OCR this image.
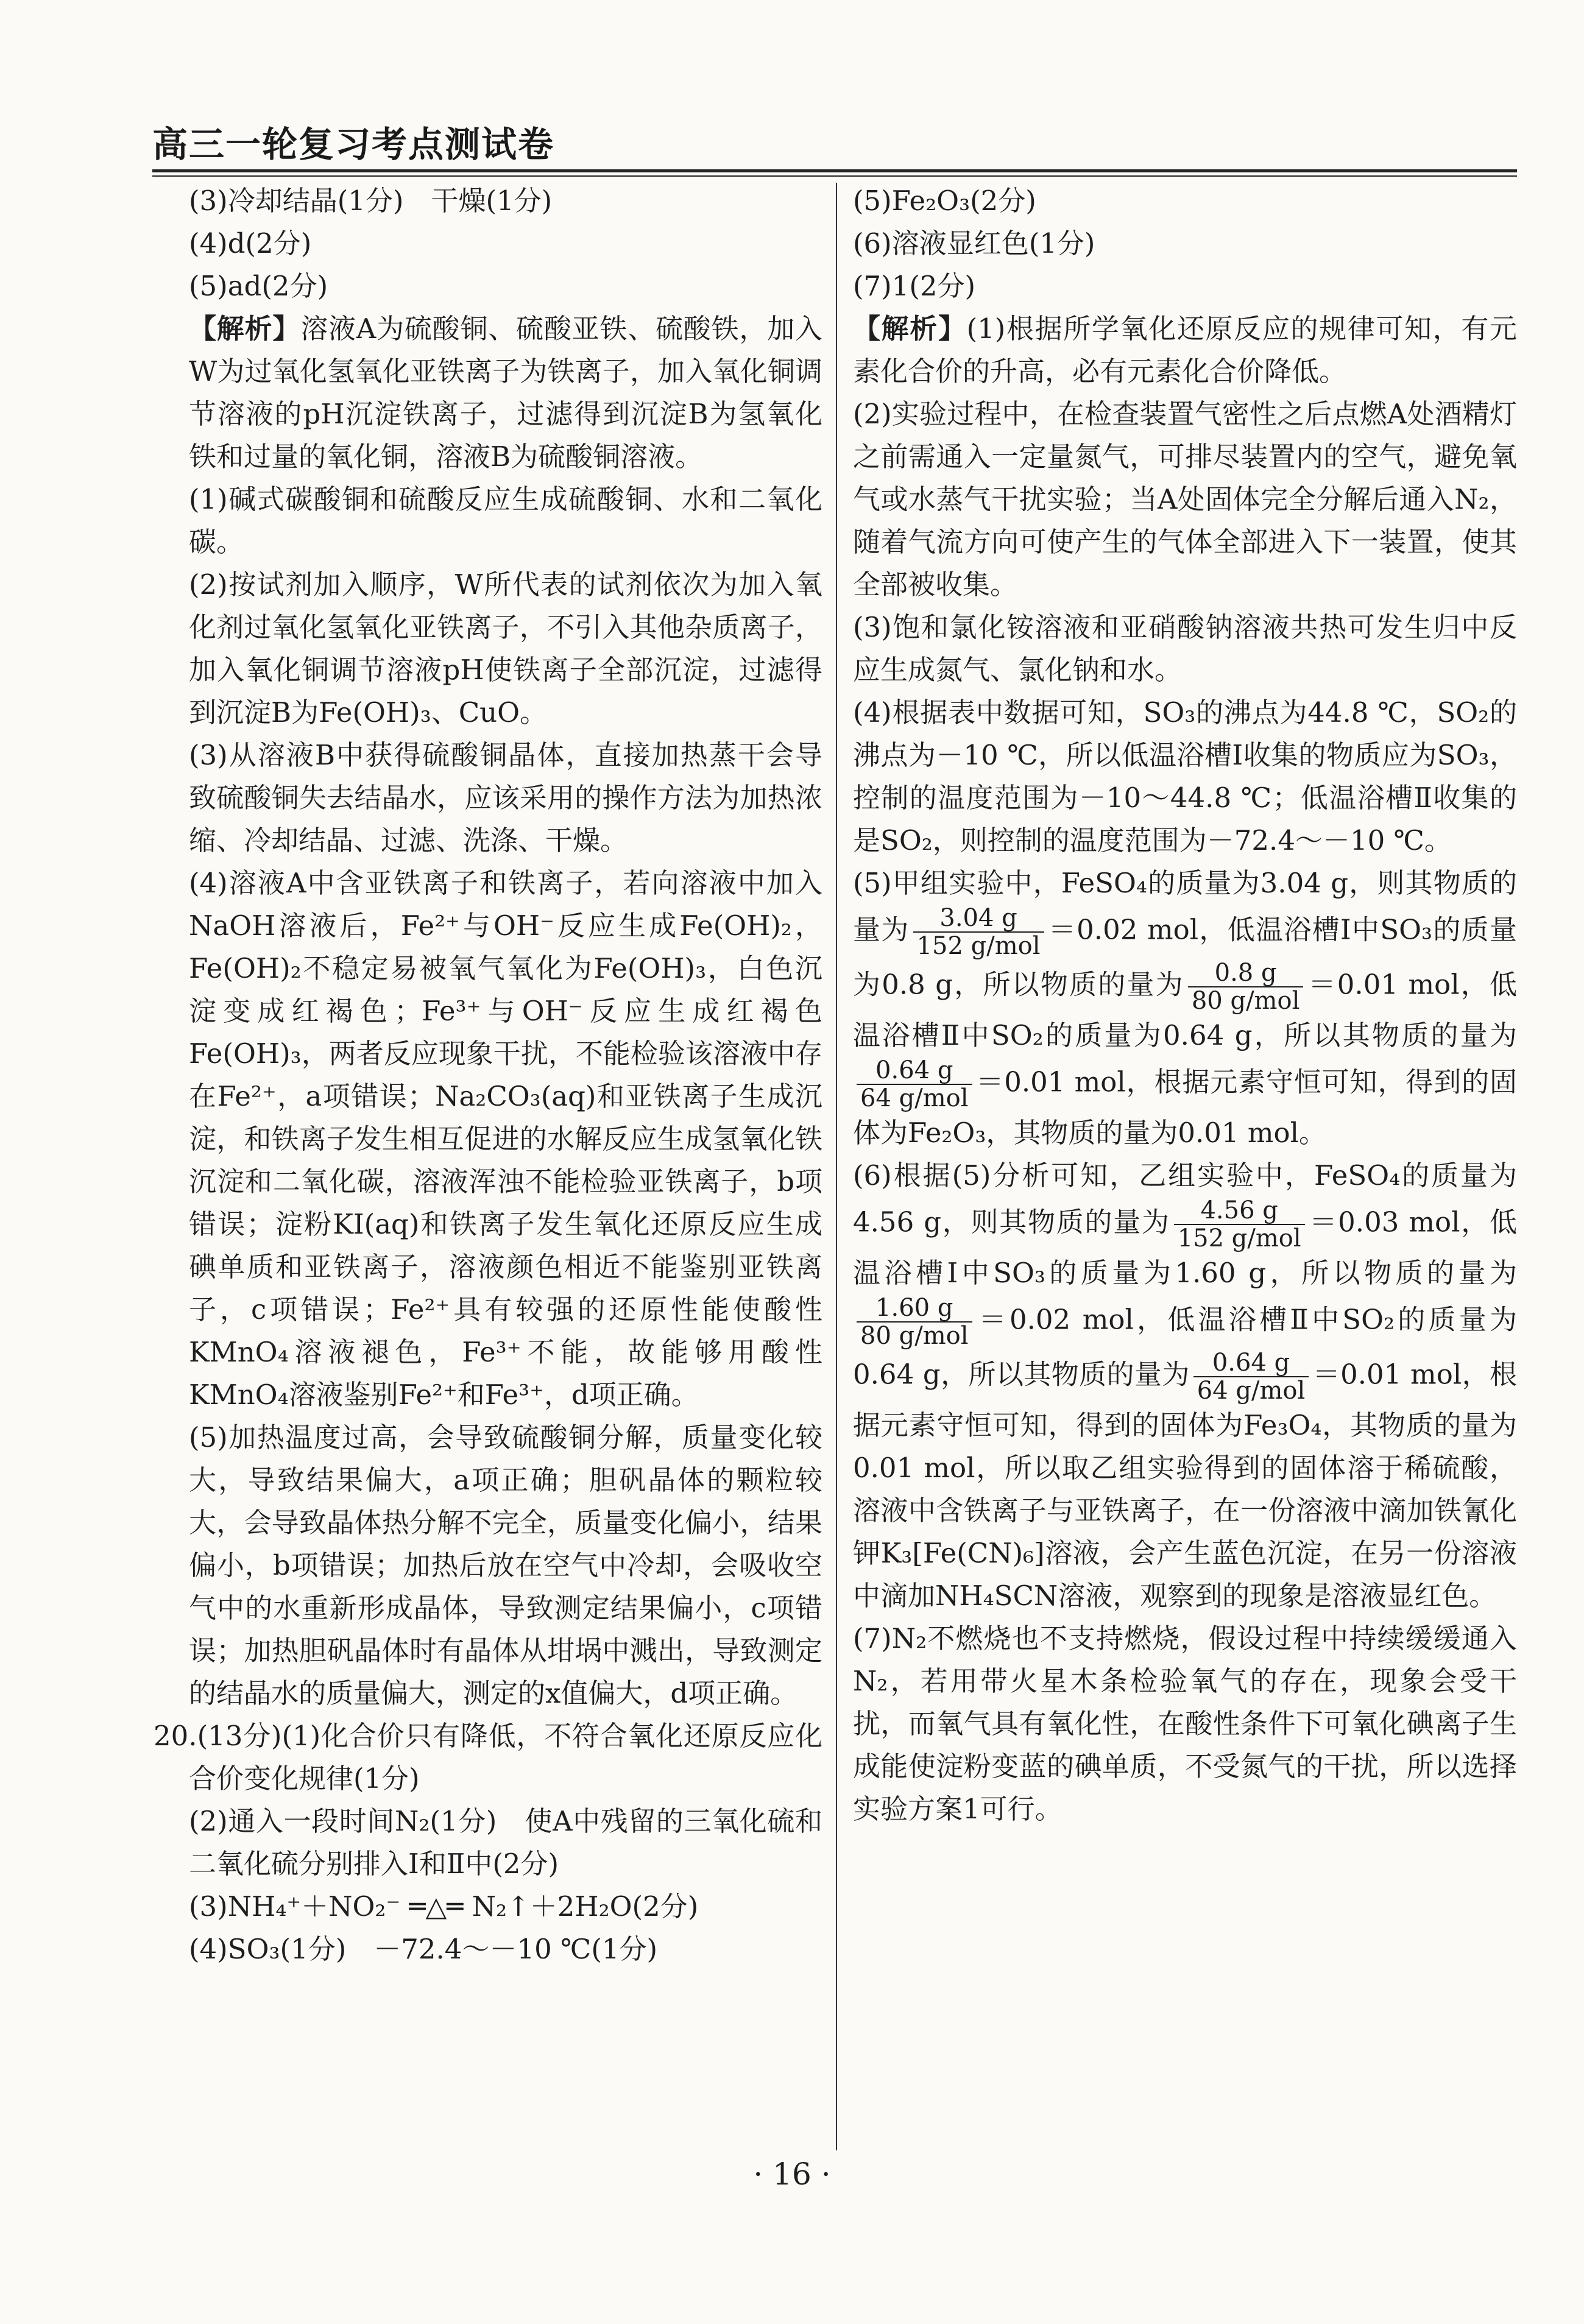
高三一轮复习考点测试卷

(3)冷却结晶(1分)　干燥(1分)

(4)d(2分)

(5)ad(2分)

【解析】溶液A为硫酸铜、硫酸亚铁、硫酸铁，加入W为过氧化氢氧化亚铁离子为铁离子，加入氧化铜调节溶液的pH沉淀铁离子，过滤得到沉淀B为氢氧化铁和过量的氧化铜，溶液B为硫酸铜溶液。

(1)碱式碳酸铜和硫酸反应生成硫酸铜、水和二氧化碳。

(2)按试剂加入顺序，W所代表的试剂依次为加入氧化剂过氧化氢氧化亚铁离子，不引入其他杂质离子，加入氧化铜调节溶液pH使铁离子全部沉淀，过滤得到沉淀B为Fe(OH)₃、CuO。

(3)从溶液B中获得硫酸铜晶体，直接加热蒸干会导致硫酸铜失去结晶水，应该采用的操作方法为加热浓缩、冷却结晶、过滤、洗涤、干燥。

(4)溶液A中含亚铁离子和铁离子，若向溶液中加入NaOH溶液后，Fe²⁺与OH⁻反应生成Fe(OH)₂，Fe(OH)₂不稳定易被氧气氧化为Fe(OH)₃，白色沉淀变成红褐色；Fe³⁺与OH⁻反应生成红褐色Fe(OH)₃，两者反应现象干扰，不能检验该溶液中存在Fe²⁺，a项错误；Na₂CO₃(aq)和亚铁离子生成沉淀，和铁离子发生相互促进的水解反应生成氢氧化铁沉淀和二氧化碳，溶液浑浊不能检验亚铁离子，b项错误；淀粉KI(aq)和铁离子发生氧化还原反应生成碘单质和亚铁离子，溶液颜色相近不能鉴别亚铁离子，c项错误；Fe²⁺具有较强的还原性能使酸性KMnO₄溶液褪色，Fe³⁺不能，故能够用酸性KMnO₄溶液鉴别Fe²⁺和Fe³⁺，d项正确。

(5)加热温度过高，会导致硫酸铜分解，质量变化较大，导致结果偏大，a项正确；胆矾晶体的颗粒较大，会导致晶体热分解不完全，质量变化偏小，结果偏小，b项错误；加热后放在空气中冷却，会吸收空气中的水重新形成晶体，导致测定结果偏小，c项错误；加热胆矾晶体时有晶体从坩埚中溅出，导致测定的结晶水的质量偏大，测定的x值偏大，d项正确。

20.(13分)(1)化合价只有降低，不符合氧化还原反应化合价变化规律(1分)

(2)通入一段时间N₂(1分)　使A中残留的三氧化硫和二氧化硫分别排入Ⅰ和Ⅱ中(2分)

(3)NH₄⁺＋NO₂⁻ ═△═ N₂↑＋2H₂O(2分)

(4)SO₃(1分)　－72.4～－10 ℃(1分)

(5)Fe₂O₃(2分)

(6)溶液显红色(1分)

(7)1(2分)

【解析】(1)根据所学氧化还原反应的规律可知，有元素化合价的升高，必有元素化合价降低。

(2)实验过程中，在检查装置气密性之后点燃A处酒精灯之前需通入一定量氮气，可排尽装置内的空气，避免氧气或水蒸气干扰实验；当A处固体完全分解后通入N₂，随着气流方向可使产生的气体全部进入下一装置，使其全部被收集。

(3)饱和氯化铵溶液和亚硝酸钠溶液共热可发生归中反应生成氮气、氯化钠和水。

(4)根据表中数据可知，SO₃的沸点为44.8 ℃，SO₂的沸点为－10 ℃，所以低温浴槽Ⅰ收集的物质应为SO₃，控制的温度范围为－10～44.8 ℃；低温浴槽Ⅱ收集的是SO₂，则控制的温度范围为－72.4～－10 ℃。

(5)甲组实验中，FeSO₄的质量为3.04 g，则其物质的量为 $\frac{3.04 g}{\text{152 g/mol}} =0.02$ mol，低温浴槽Ⅰ中SO₃的质量为0.8 g，所以物质的量为 $\frac{0.8 g}{\text{80 g/mol}} =0.01$ mol，低温浴槽Ⅱ中SO₂的质量为0.64 g，所以其物质的量为
$\frac{0.64 g}{\text{64 g/mol}} =0.01$ mol，根据元素守恒可知，得到的固体为Fe₂O₃，其物质的量为0.01 mol。

(6)根据(5)分析可知，乙组实验中，FeSO₄的质量为4.56 g，则其物质的量为 $\frac{4.56 g}{\text{152 g/mol}} =0.03$ mol，低温浴槽Ⅰ中SO₃的质量为1.60 g，所以物质的量为
$\frac{1.60 g}{\text{80 g/mol}} =0.02$ mol，低温浴槽Ⅱ中SO₂的质量为0.64 g，所以其物质的量为 $\frac{0.64 g}{\text{64 g/mol}} =0.01$ mol，根据元素守恒可知，得到的固体为Fe₃O₄，其物质的量为0.01 mol，所以取乙组实验得到的固体溶于稀硫酸，溶液中含铁离子与亚铁离子，在一份溶液中滴加铁氰化钾K₃[Fe(CN)₆]溶液，会产生蓝色沉淀，在另一份溶液中滴加NH₄SCN溶液，观察到的现象是溶液显红色。

(7)N₂不燃烧也不支持燃烧，假设过程中持续缓缓通入N₂，若用带火星木条检验氧气的存在，现象会受干扰，而氧气具有氧化性，在酸性条件下可氧化碘离子生成能使淀粉变蓝的碘单质，不受氮气的干扰，所以选择实验方案1可行。

· 16 ·
